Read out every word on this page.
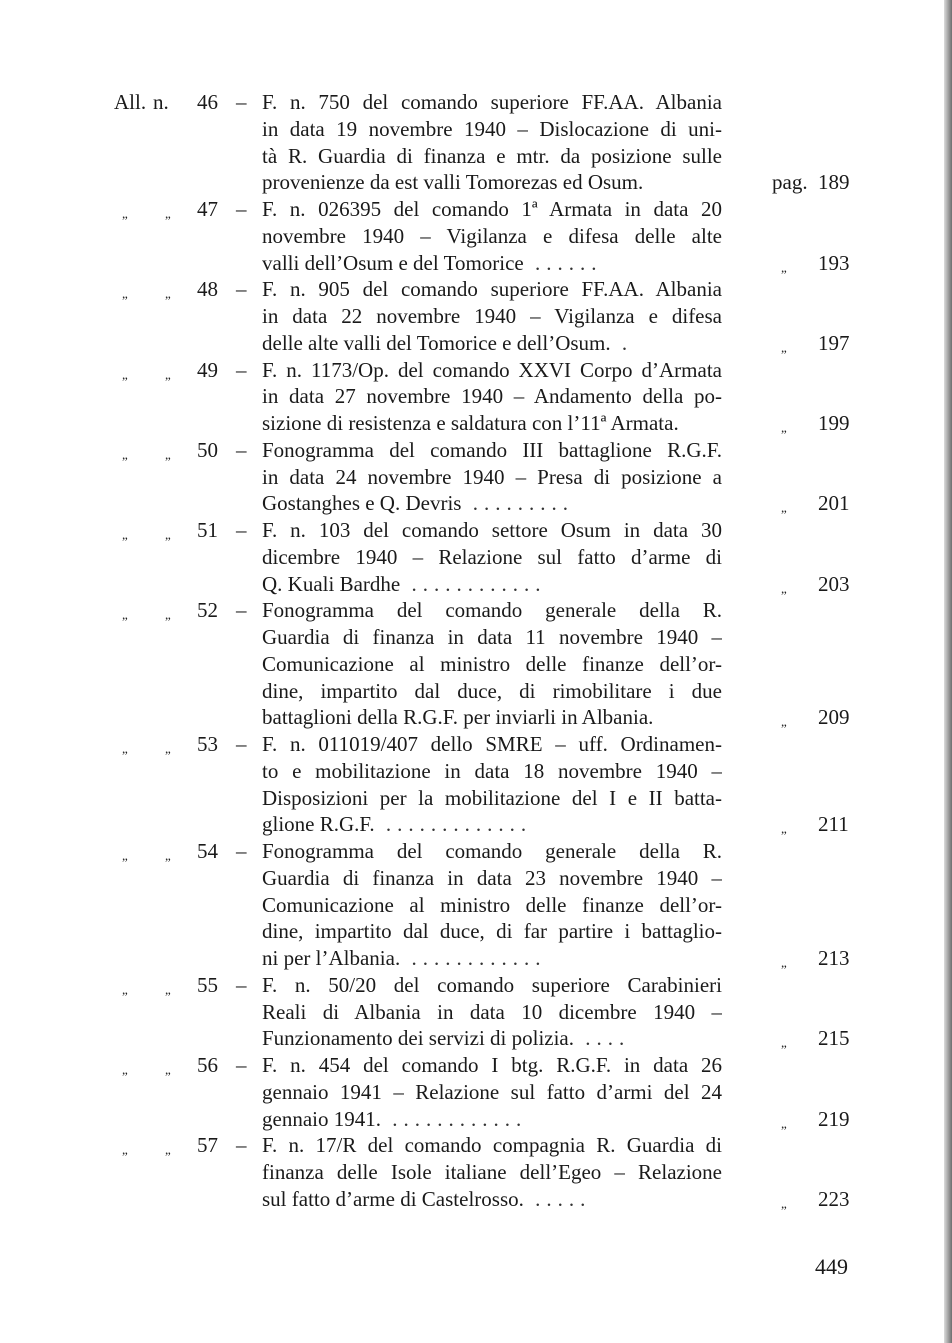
All. n. 46 – F. n. 750 del comando superiore FF.AA. Albania
in data 19 novembre 1940 – Dislocazione di uni-
tà R. Guardia di finanza e mtr. da posizione sulle
provenienze da est valli Tomorezas ed Osum.	pag. 189
„	„ 47 – F. n. 026395 del comando 1ª Armata in data 20
novembre 1940 – Vigilanza e difesa delle alte
valli dell’Osum e del Tomorice ......	„ 193
„	„ 48 – F. n. 905 del comando superiore FF.AA. Albania
in data 22 novembre 1940 – Vigilanza e difesa
delle alte valli del Tomorice e dell’Osum. .	„ 197
„	„ 49 – F. n. 1173/Op. del comando XXVI Corpo d’Armata
in data 27 novembre 1940 – Andamento della po-
sizione di resistenza e saldatura con l’11ª Armata.	„ 199
„	„ 50 – Fonogramma del comando III battaglione R.G.F.
in data 24 novembre 1940 – Presa di posizione a
Gostanghes e Q. Devris .........	„ 201
„	„ 51 – F. n. 103 del comando settore Osum in data 30
dicembre 1940 – Relazione sul fatto d’arme di
Q. Kuali Bardhe ............	„ 203
„	„ 52 – Fonogramma del comando generale della R.
Guardia di finanza in data 11 novembre 1940 –
Comunicazione al ministro delle finanze dell’or-
dine, impartito dal duce, di rimobilitare i due
battaglioni della R.G.F. per inviarli in Albania.	„ 209
„	„ 53 – F. n. 011019/407 dello SMRE – uff. Ordinamen-
to e mobilitazione in data 18 novembre 1940 –
Disposizioni per la mobilitazione del I e II batta-
glione R.G.F. .............	„ 211
„	„ 54 – Fonogramma del comando generale della R.
Guardia di finanza in data 23 novembre 1940 –
Comunicazione al ministro delle finanze dell’or-
dine, impartito dal duce, di far partire i battaglio-
ni per l’Albania. ............	„ 213
„	„ 55 – F. n. 50/20 del comando superiore Carabinieri
Reali di Albania in data 10 dicembre 1940 –
Funzionamento dei servizi di polizia. ....	„ 215
„	„ 56 – F. n. 454 del comando I btg. R.G.F. in data 26
gennaio 1941 – Relazione sul fatto d’armi del 24
gennaio 1941. ............	„ 219
„	„ 57 – F. n. 17/R del comando compagnia R. Guardia di
finanza delle Isole italiane dell’Egeo – Relazione
sul fatto d’arme di Castelrosso. .....	„ 223
449
